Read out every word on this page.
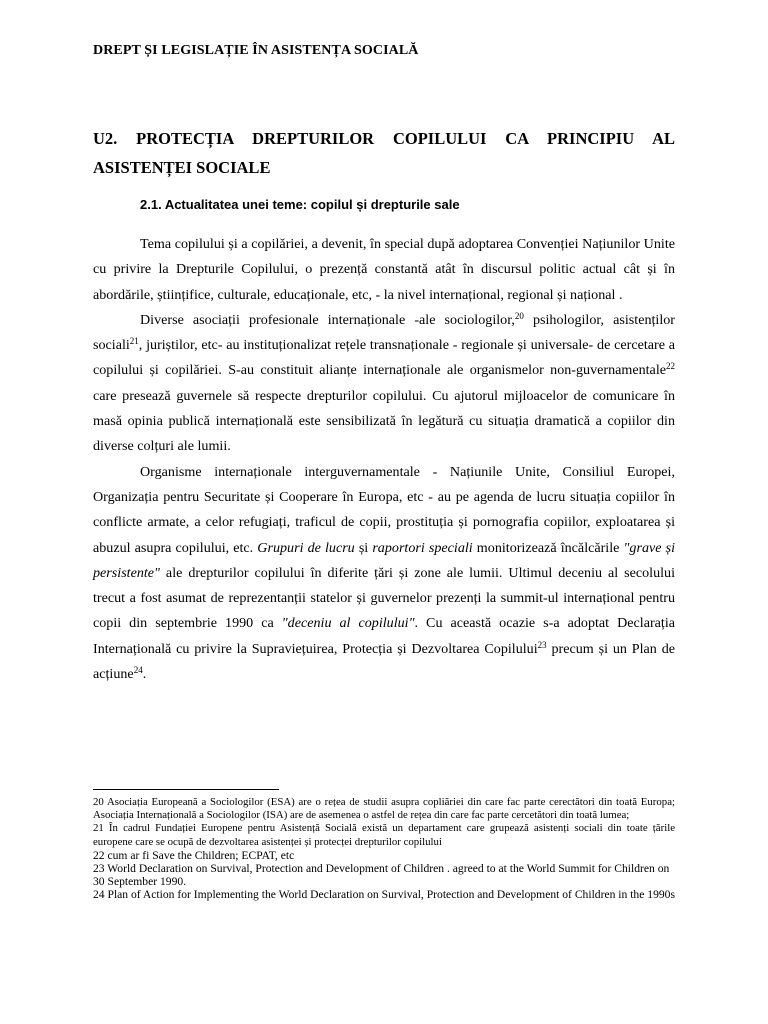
DREPT ȘI LEGISLAȚIE ÎN ASISTENȚA SOCIALĂ
U2. PROTECȚIA DREPTURILOR COPILULUI CA PRINCIPIU AL
ASISTENȚEI SOCIALE
2.1. Actualitatea unei teme: copilul și drepturile sale

Tema copilului și a copilăriei, a devenit, în special după adoptarea Convenției Națiunilor Unite cu privire la Drepturile Copilului, o prezență constantă atât în discursul politic actual cât și în abordările, științifice, culturale, educaționale, etc, - la nivel internațional, regional și național .

Diverse asociații profesionale internaționale -ale sociologilor,$^{20}$ psihologilor, asistenților sociali$^{21}$, juriștilor, etc- au instituționalizat rețele transnaționale - regionale și universale- de cercetare a copilului și copilăriei. S-au constituit alianțe internaționale ale organismelor non-guvernamentale$^{22}$ care presează guvernele să respecte drepturilor copilului. Cu ajutorul mijloacelor de comunicare în masă opinia publică internațională este sensibilizată în legătură cu situația dramatică a copiilor din diverse colțuri ale lumii.

Organisme internaționale interguvernamentale - Națiunile Unite, Consiliul Europei, Organizația pentru Securitate și Cooperare în Europa, etc - au pe agenda de lucru situația copiilor în conflicte armate, a celor refugiați, traficul de copii, prostituția și pornografia copiilor, exploatarea și abuzul asupra copilului, etc. Grupuri de lucru și raportori speciali monitorizează încălcările "grave și persistente" ale drepturilor copilului în diferite țări și zone ale lumii. Ultimul deceniu al secolului trecut a fost asumat de reprezentanții statelor și guvernelor prezenți la summit-ul internațional pentru copii din septembrie 1990 ca "deceniu al copilului". Cu această ocazie s-a adoptat Declarația Internațională cu privire la Supraviețuirea, Protecția și Dezvoltarea Copilului$^{23}$ precum și un Plan de acțiune$^{24}$.

20 Asociația Europeană a Sociologilor (ESA) are o rețea de studii asupra copliăriei din care fac parte cerectători din toată Europa; Asociația Internațională a Sociologilor (ISA) are de asemenea o astfel de rețea din care fac parte cercetători din toată lumea;

21 În cadrul Fundației Europene pentru Asistență Socială există un departament care grupează asistenți sociali din toate țările europene care se ocupă de dezvoltarea asistenței și protecței drepturilor copilului

22 cum ar fi Save the Children; ECPAT, etc

23 World Declaration on Survival, Protection and Development of Children . agreed to at the World Summit for Children on 30 September 1990.

24 Plan of Action for Implementing the World Declaration on Survival, Protection and Development of Children in the 1990s
